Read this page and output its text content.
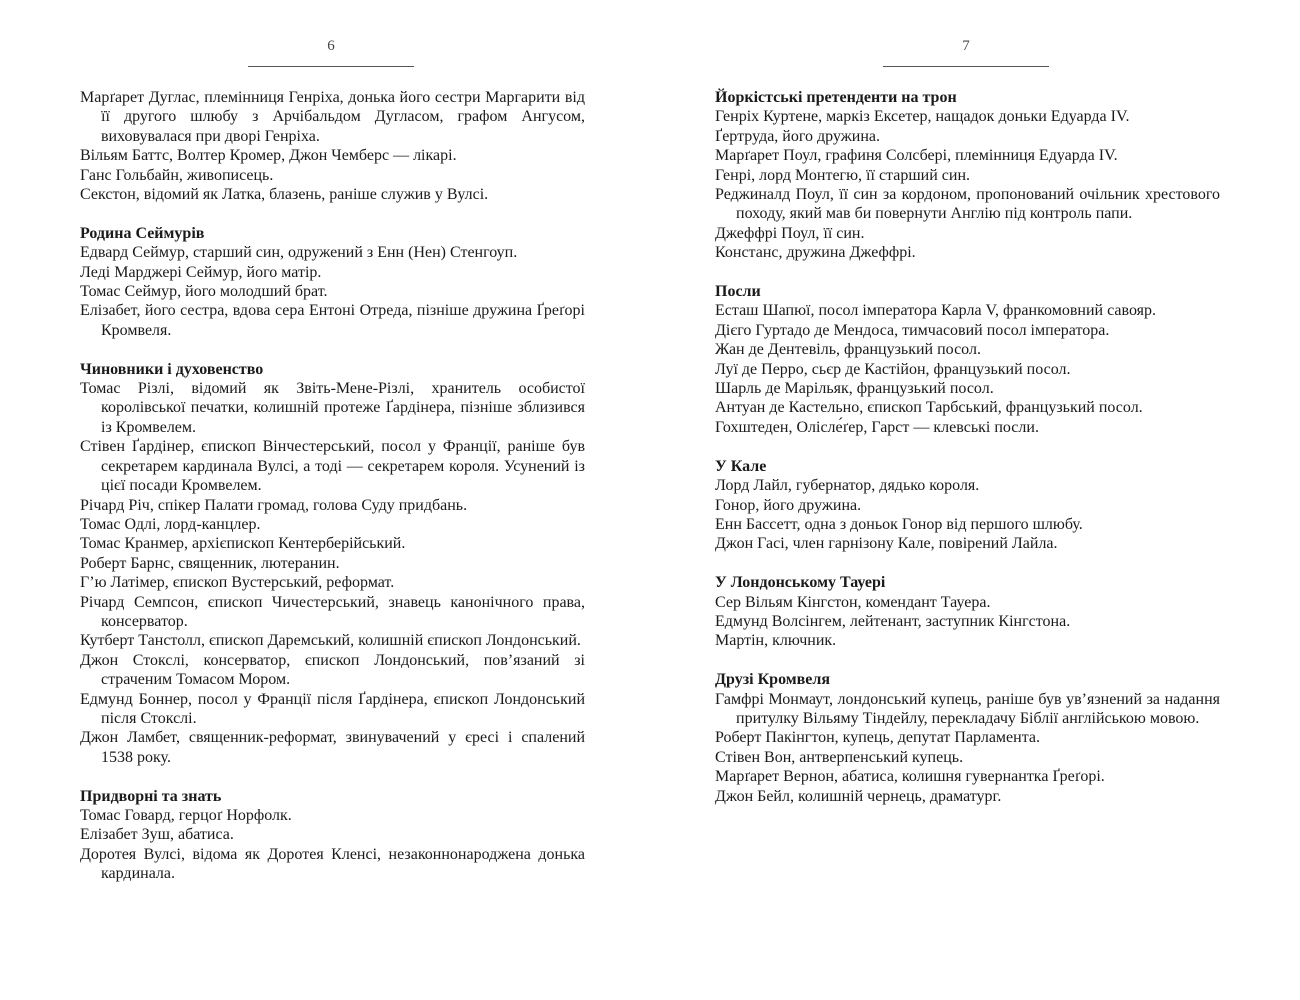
6
Марґарет Дуглас, племінниця Генріха, донька його сестри Маргарити від її другого шлюбу з Арчібальдом Дугласом, графом Ангусом, виховувалася при дворі Генріха.
Вільям Баттс, Волтер Кромер, Джон Чемберс — лікарі.
Ганс Гольбайн, живописець.
Секстон, відомий як Латка, блазень, раніше служив у Вулсі.
Родина Сеймурів
Едвард Сеймур, старший син, одружений з Енн (Нен) Стенгоуп.
Леді Марджері Сеймур, його матір.
Томас Сеймур, його молодший брат.
Елізабет, його сестра, вдова сера Ентоні Отреда, пізніше дружина Ґреґорі Кромвеля.
Чиновники і духовенство
Томас Різлі, відомий як Звіть-Мене-Різлі, хранитель особистої королівської печатки, колишній протеже Ґардінера, пізніше зблизився із Кромвелем.
Стівен Ґардінер, єпископ Вінчестерський, посол у Франції, раніше був секретарем кардинала Вулсі, а тоді — секретарем короля. Усунений із цієї посади Кромвелем.
Річард Річ, спікер Палати громад, голова Суду придбань.
Томас Одлі, лорд-канцлер.
Томас Кранмер, архієпископ Кентерберійський.
Роберт Барнс, священник, лютеранин.
Г’ю Латімер, єпископ Вустерський, реформат.
Річард Семпсон, єпископ Чичестерський, знавець канонічного права, консерватор.
Кутберт Танстолл, єпископ Даремський, колишній єпископ Лондонський.
Джон Стокслі, консерватор, єпископ Лондонський, пов’язаний зі страченим Томасом Мором.
Едмунд Боннер, посол у Франції після Ґардінера, єпископ Лондонський після Стокслі.
Джон Ламбет, священник-реформат, звинувачений у єресі і спалений 1538 року.
Придворні та знать
Томас Говард, герцоґ Норфолк.
Елізабет Зуш, абатиса.
Доротея Вулсі, відома як Доротея Кленсі, незаконнонароджена донька кардинала.
7
Йоркістські претенденти на трон
Генріх Куртене, маркіз Ексетер, нащадок доньки Едуарда IV.
Ґертруда, його дружина.
Марґарет Поул, графиня Солсбері, племінниця Едуарда IV.
Генрі, лорд Монтегю, її старший син.
Реджиналд Поул, її син за кордоном, пропонований очільник хрестового походу, який мав би повернути Англію під контроль папи.
Джеффрі Поул, її син.
Констанс, дружина Джеффрі.
Посли
Есташ Шапюї, посол імператора Карла V, франкомовний савояр.
Дієго Гуртадо де Мендоса, тимчасовий посол імператора.
Жан де Дентевіль, французький посол.
Луї де Перро, сьєр де Кастійон, французький посол.
Шарль де Марільяк, французький посол.
Антуан де Кастельно, єпископ Тарбський, французький посол.
Гохштеден, Олісле́ґер, Гарст — клевські посли.
У Кале
Лорд Лайл, губернатор, дядько короля.
Гонор, його дружина.
Енн Бассетт, одна з доньок Гонор від першого шлюбу.
Джон Гасі, член гарнізону Кале, повірений Лайла.
У Лондонському Тауері
Сер Вільям Кінгстон, комендант Тауера.
Едмунд Волсінгем, лейтенант, заступник Кінгстона.
Мартін, ключник.
Друзі Кромвеля
Гамфрі Монмаут, лондонський купець, раніше був ув’язнений за надання притулку Вільяму Тіндейлу, перекладачу Біблії англійською мовою.
Роберт Пакінгтон, купець, депутат Парламента.
Стівен Вон, антверпенський купець.
Марґарет Вернон, абатиса, колишня гувернантка Ґреґорі.
Джон Бейл, колишній чернець, драматург.
